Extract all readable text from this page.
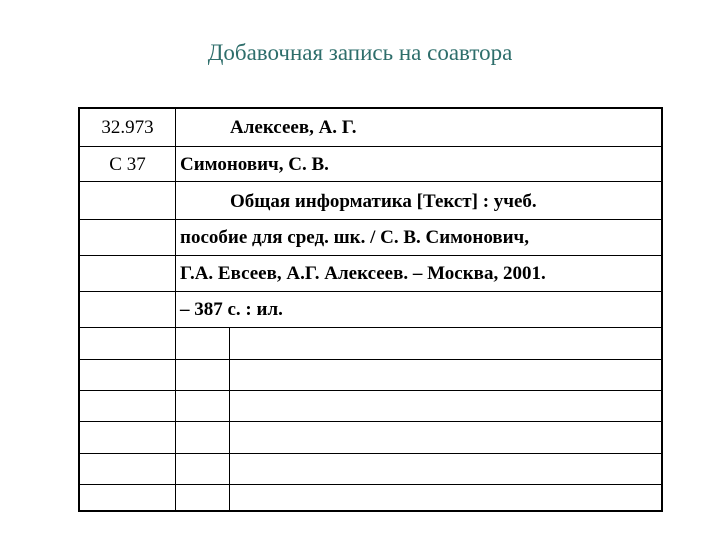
Добавочная запись на соавтора
32.973
С 37
Алексеев, А. Г.
Симонович, С. В.
Общая информатика [Текст] : учеб.
пособие для сред. шк. / С. В. Симонович,
Г.А. Евсеев, А.Г. Алексеев. – Москва, 2001.
– 387 с. : ил.
